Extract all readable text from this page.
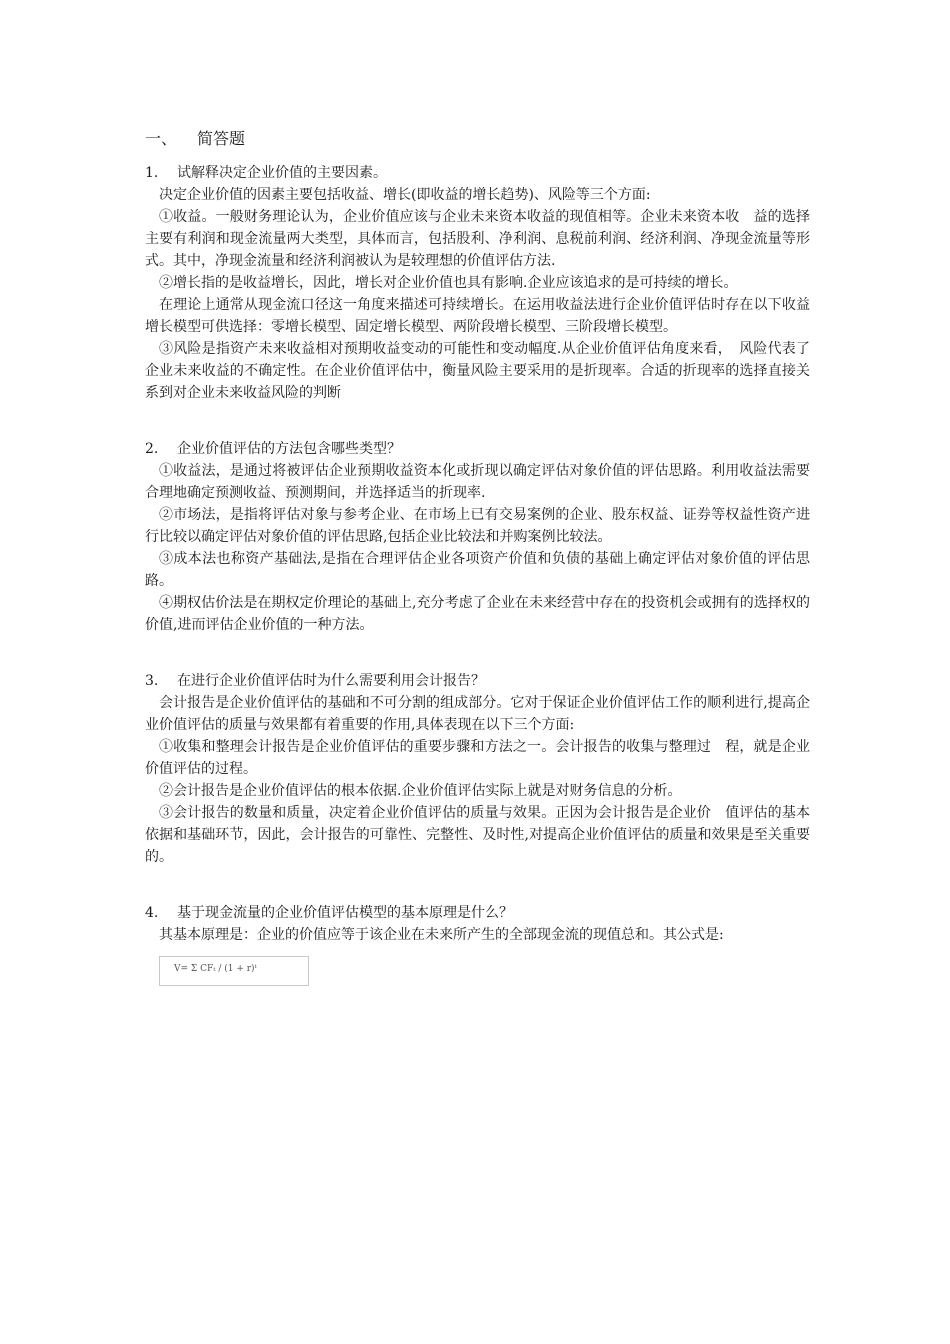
一、 简答题

1. 试解释决定企业价值的主要因素。

决定企业价值的因素主要包括收益、增长(即收益的增长趋势)、风险等三个方面:

①收益。一般财务理论认为，企业价值应该与企业未来资本收益的现值相等。企业未来资本收　益的选择主要有利润和现金流量两大类型，具体而言，包括股利、净利润、息税前利润、经济利润、净现金流量等形式。其中，净现金流量和经济利润被认为是较理想的价值评估方法.

②增长指的是收益增长，因此，增长对企业价值也具有影响.企业应该追求的是可持续的增长。

在理论上通常从现金流口径这一角度来描述可持续增长。在运用收益法进行企业价值评估时存在以下收益增长模型可供选择：零增长模型、固定增长模型、两阶段增长模型、三阶段增长模型。

③风险是指资产未来收益相对预期收益变动的可能性和变动幅度.从企业价值评估角度来看，　风险代表了企业未来收益的不确定性。在企业价值评估中，衡量风险主要采用的是折现率。合适的折现率的选择直接关系到对企业未来收益风险的判断

2. 企业价值评估的方法包含哪些类型？

①收益法，是通过将被评估企业预期收益资本化或折现以确定评估对象价值的评估思路。利用收益法需要合理地确定预测收益、预测期间，并选择适当的折现率.

②市场法，是指将评估对象与参考企业、在市场上已有交易案例的企业、股东权益、证券等权益性资产进行比较以确定评估对象价值的评估思路,包括企业比较法和并购案例比较法。

③成本法也称资产基础法,是指在合理评估企业各项资产价值和负债的基础上确定评估对象价值的评估思路。

④期权估价法是在期权定价理论的基础上,充分考虑了企业在未来经营中存在的投资机会或拥有的选择权的价值,进而评估企业价值的一种方法。

3. 在进行企业价值评估时为什么需要利用会计报告？

会计报告是企业价值评估的基础和不可分割的组成部分。它对于保证企业价值评估工作的顺利进行,提高企业价值评估的质量与效果都有着重要的作用,具体表现在以下三个方面:

①收集和整理会计报告是企业价值评估的重要步骤和方法之一。会计报告的收集与整理过　程，就是企业价值评估的过程。

②会计报告是企业价值评估的根本依据.企业价值评估实际上就是对财务信息的分析。

③会计报告的数量和质量，决定着企业价值评估的质量与效果。正因为会计报告是企业价　值评估的基本依据和基础环节，因此，会计报告的可靠性、完整性、及时性,对提高企业价值评估的质量和效果是至关重要的。

4. 基于现金流量的企业价值评估模型的基本原理是什么？

其基本原理是：企业的价值应等于该企业在未来所产生的全部现金流的现值总和。其公式是:

V= Σ CFₜ / (1 + r)ᵗ
